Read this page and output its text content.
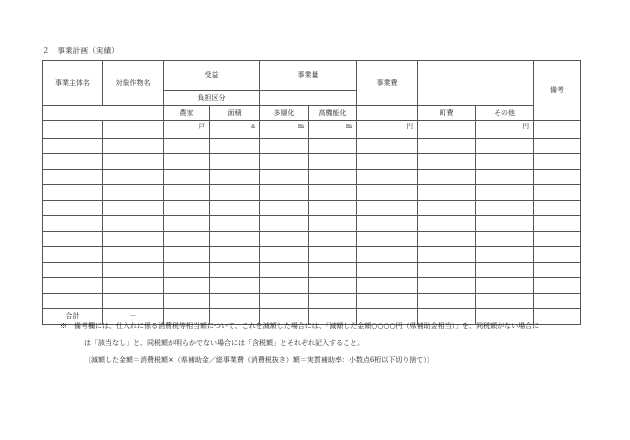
２　事業計画（実績）
事業主体名	対象作物名	受益		事業量		事業費			備考
		負担区分							
		農家	面積	多層化	高機能化		町費	その他	
		戸	a	m	m	円		円	

合計	－								
※　備考欄には、仕入れに係る消費税等相当額について、これを減額した場合には、「減額した金額○○○○円（県補助金相当）」を、同税額がない場合に
は「該当なし」と、同税額が明らかでない場合には「含税額」とそれぞれ記入すること。
〔減額した金額＝消費税額×（県補助金／総事業費（消費税抜き）額＝実質補助率：小数点6桁以下切り捨て）〕
